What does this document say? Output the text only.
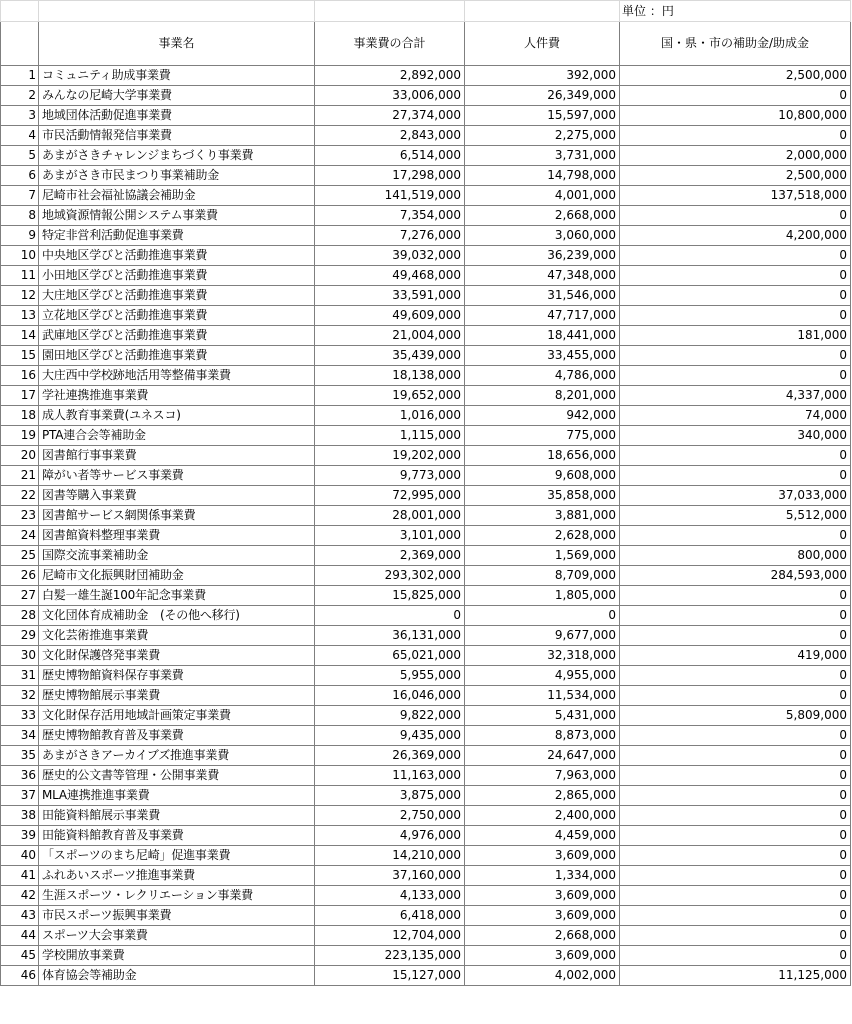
				単位 ：円
	事業名	事業費の合計	人件費	国・県・市の補助金/助成金
1	コミュニティ助成事業費	2,892,000	392,000	2,500,000
2	みんなの尼崎大学事業費	33,006,000	26,349,000	0
3	地域団体活動促進事業費	27,374,000	15,597,000	10,800,000
4	市民活動情報発信事業費	2,843,000	2,275,000	0
5	あまがさきチャレンジまちづくり事業費	6,514,000	3,731,000	2,000,000
6	あまがさき市民まつり事業補助金	17,298,000	14,798,000	2,500,000
7	尼崎市社会福祉協議会補助金	141,519,000	4,001,000	137,518,000
8	地域資源情報公開システム事業費	7,354,000	2,668,000	0
9	特定非営利活動促進事業費	7,276,000	3,060,000	4,200,000
10	中央地区学びと活動推進事業費	39,032,000	36,239,000	0
11	小田地区学びと活動推進事業費	49,468,000	47,348,000	0
12	大庄地区学びと活動推進事業費	33,591,000	31,546,000	0
13	立花地区学びと活動推進事業費	49,609,000	47,717,000	0
14	武庫地区学びと活動推進事業費	21,004,000	18,441,000	181,000
15	園田地区学びと活動推進事業費	35,439,000	33,455,000	0
16	大庄西中学校跡地活用等整備事業費	18,138,000	4,786,000	0
17	学社連携推進事業費	19,652,000	8,201,000	4,337,000
18	成人教育事業費(ユネスコ)	1,016,000	942,000	74,000
19	PTA連合会等補助金	1,115,000	775,000	340,000
20	図書館行事事業費	19,202,000	18,656,000	0
21	障がい者等サービス事業費	9,773,000	9,608,000	0
22	図書等購入事業費	72,995,000	35,858,000	37,033,000
23	図書館サービス網関係事業費	28,001,000	3,881,000	5,512,000
24	図書館資料整理事業費	3,101,000	2,628,000	0
25	国際交流事業補助金	2,369,000	1,569,000	800,000
26	尼崎市文化振興財団補助金	293,302,000	8,709,000	284,593,000
27	白髪一雄生誕100年記念事業費	15,825,000	1,805,000	0
28	文化団体育成補助金　(その他へ移行)	0	0	0
29	文化芸術推進事業費	36,131,000	9,677,000	0
30	文化財保護啓発事業費	65,021,000	32,318,000	419,000
31	歴史博物館資料保存事業費	5,955,000	4,955,000	0
32	歴史博物館展示事業費	16,046,000	11,534,000	0
33	文化財保存活用地域計画策定事業費	9,822,000	5,431,000	5,809,000
34	歴史博物館教育普及事業費	9,435,000	8,873,000	0
35	あまがさきアーカイブズ推進事業費	26,369,000	24,647,000	0
36	歴史的公文書等管理・公開事業費	11,163,000	7,963,000	0
37	MLA連携推進事業費	3,875,000	2,865,000	0
38	田能資料館展示事業費	2,750,000	2,400,000	0
39	田能資料館教育普及事業費	4,976,000	4,459,000	0
40	「スポーツのまち尼崎」促進事業費	14,210,000	3,609,000	0
41	ふれあいスポーツ推進事業費	37,160,000	1,334,000	0
42	生涯スポーツ・レクリエーション事業費	4,133,000	3,609,000	0
43	市民スポーツ振興事業費	6,418,000	3,609,000	0
44	スポーツ大会事業費	12,704,000	2,668,000	0
45	学校開放事業費	223,135,000	3,609,000	0
46	体育協会等補助金	15,127,000	4,002,000	11,125,000
